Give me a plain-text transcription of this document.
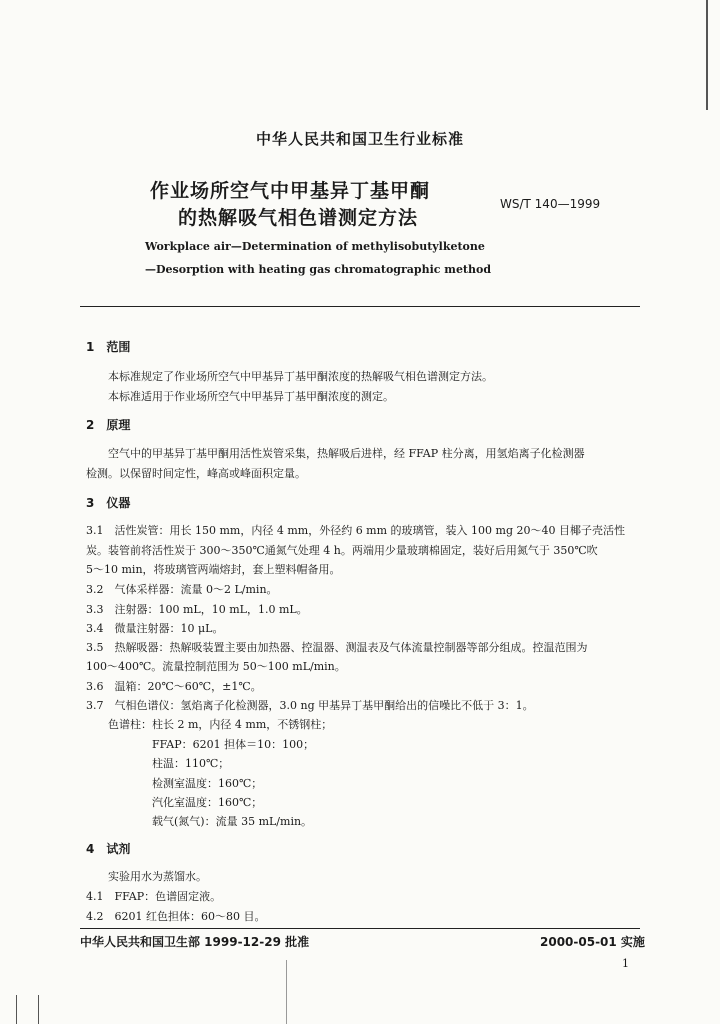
中华人民共和国卫生行业标准
作业场所空气中甲基异丁基甲酮
的热解吸气相色谱测定方法
WS/T 140—1999
Workplace air—Determination of methylisobutylketone
—Desorption with heating gas chromatographic method
1　范围
本标准规定了作业场所空气中甲基异丁基甲酮浓度的热解吸气相色谱测定方法。
本标准适用于作业场所空气中甲基异丁基甲酮浓度的测定。
2　原理
空气中的甲基异丁基甲酮用活性炭管采集，热解吸后进样，经 FFAP 柱分离，用氢焰离子化检测器
检测。以保留时间定性，峰高或峰面积定量。
3　仪器
3.1　活性炭管：用长 150 mm，内径 4 mm，外径约 6 mm 的玻璃管，装入 100 mg 20～40 目椰子壳活性
炭。装管前将活性炭于 300～350℃通氮气处理 4 h。两端用少量玻璃棉固定，装好后用氮气于 350℃吹
5～10 min，将玻璃管两端熔封，套上塑料帽备用。
3.2　气体采样器：流量 0～2 L/min。
3.3　注射器：100 mL，10 mL，1.0 mL。
3.4　微量注射器：10 μL。
3.5　热解吸器：热解吸装置主要由加热器、控温器、测温表及气体流量控制器等部分组成。控温范围为
100～400℃。流量控制范围为 50～100 mL/min。
3.6　温箱：20℃～60℃，±1℃。
3.7　气相色谱仪：氢焰离子化检测器，3.0 ng 甲基异丁基甲酮给出的信噪比不低于 3：1。
色谱柱：柱长 2 m，内径 4 mm，不锈钢柱；
FFAP：6201 担体＝10：100；
柱温：110℃；
检测室温度：160℃；
汽化室温度：160℃；
载气(氮气)：流量 35 mL/min。
4　试剂
实验用水为蒸馏水。
4.1　FFAP：色谱固定液。
4.2　6201 红色担体：60～80 目。
中华人民共和国卫生部 1999-12-29 批准	2000-05-01 实施
1
